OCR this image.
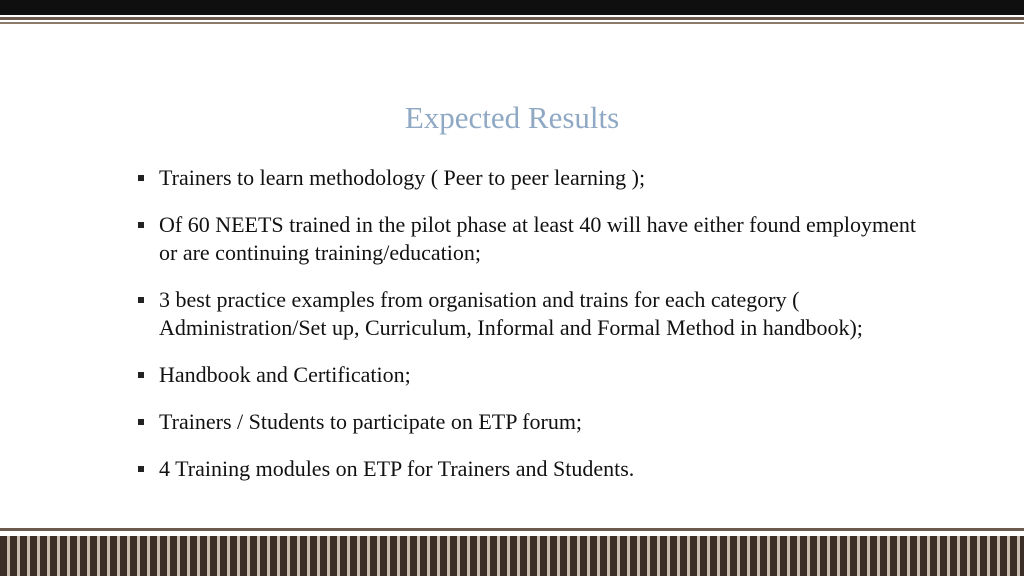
Expected Results
Trainers to learn methodology ( Peer to peer learning );
Of 60 NEETS trained in the pilot phase at least 40 will have either found employment or are continuing training/education;
3 best practice examples from organisation and trains for each category ( Administration/Set up, Curriculum, Informal and Formal Method in handbook);
Handbook and Certification;
Trainers / Students to participate on ETP forum;
4 Training modules on ETP for Trainers and Students.
